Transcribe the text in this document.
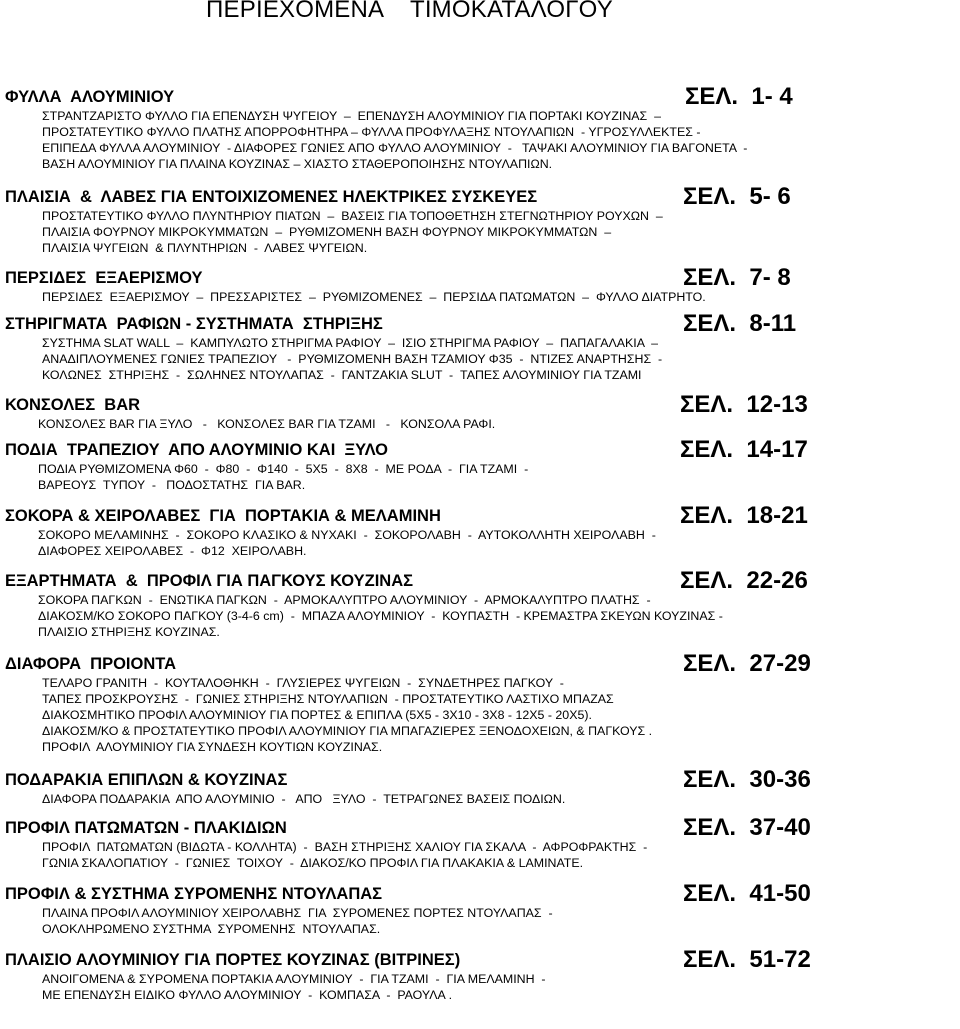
ΠΕΡΙΕΧΟΜΕΝΑ    ΤΙΜΟΚΑΤΑΛΟΓΟΥ
ΦΥΛΛΑ  ΑΛΟΥΜΙΝΙΟΥ	ΣΕΛ.  1- 4
ΣΤΡΑΝΤΖΑΡΙΣΤΟ ΦΥΛΛΟ ΓΙΑ ΕΠΕΝΔΥΣΗ ΨΥΓΕΙΟΥ  –  ΕΠΕΝΔΥΣΗ ΑΛΟΥΜΙΝΙΟΥ ΓΙΑ ΠΟΡΤΑΚΙ ΚΟΥΖΙΝΑΣ  –
ΠΡΟΣΤΑΤΕΥΤΙΚΟ ΦΥΛΛΟ ΠΛΑΤΗΣ ΑΠΟΡΡΟΦΗΤΗΡΑ – ΦΥΛΛΑ ΠΡΟΦΥΛΑΞΗΣ ΝΤΟΥΛΑΠΙΩΝ  - ΥΓΡΟΣΥΛΛΕΚΤΕΣ -
ΕΠΙΠΕΔΑ ΦΥΛΛΑ ΑΛΟΥΜΙΝΙΟΥ  - ΔΙΑΦΟΡΕΣ ΓΩΝΙΕΣ ΑΠΟ ΦΥΛΛΟ ΑΛΟΥΜΙΝΙΟΥ  -   ΤΑΨΑΚΙ ΑΛΟΥΜΙΝΙΟΥ ΓΙΑ ΒΑΓΟΝΕΤΑ  -
ΒΑΣΗ ΑΛΟΥΜΙΝΙΟΥ ΓΙΑ ΠΛΑΙΝΑ ΚΟΥΖΙΝΑΣ – ΧΙΑΣΤΟ ΣΤΑΘΕΡΟΠΟΙΗΣΗΣ ΝΤΟΥΛΑΠΙΩΝ.
ΠΛΑΙΣΙΑ  &  ΛΑΒΕΣ ΓΙΑ ΕΝΤΟΙΧΙΖΟΜΕΝΕΣ ΗΛΕΚΤΡΙΚΕΣ ΣΥΣΚΕΥΕΣ	ΣΕΛ.  5- 6
ΠΡΟΣΤΑΤΕΥΤΙΚΟ ΦΥΛΛΟ ΠΛΥΝΤΗΡΙΟΥ ΠΙΑΤΩΝ  –  ΒΑΣΕΙΣ ΓΙΑ ΤΟΠΟΘΕΤΗΣΗ ΣΤΕΓΝΩΤΗΡΙΟΥ ΡΟΥΧΩΝ  –
ΠΛΑΙΣΙΑ ΦΟΥΡΝΟΥ ΜΙΚΡΟΚΥΜΜΑΤΩΝ  –  ΡΥΘΜΙΖΟΜΕΝΗ ΒΑΣΗ ΦΟΥΡΝΟΥ ΜΙΚΡΟΚΥΜΜΑΤΩΝ  –
ΠΛΑΙΣΙΑ ΨΥΓΕΙΩΝ  & ΠΛΥΝΤΗΡΙΩΝ  -  ΛΑΒΕΣ ΨΥΓΕΙΩΝ.
ΠΕΡΣΙΔΕΣ  ΕΞΑΕΡΙΣΜΟΥ	ΣΕΛ.  7- 8
ΠΕΡΣΙΔΕΣ  ΕΞΑΕΡΙΣΜΟΥ  –  ΠΡΕΣΣΑΡΙΣΤΕΣ  –  ΡΥΘΜΙΖΟΜΕΝΕΣ  –  ΠΕΡΣΙΔΑ ΠΑΤΩΜΑΤΩΝ  –  ΦΥΛΛΟ ΔΙΑΤΡΗΤΟ.
ΣΤΗΡΙΓΜΑΤΑ  ΡΑΦΙΩΝ - ΣΥΣΤΗΜΑΤΑ  ΣΤΗΡΙΞΗΣ	ΣΕΛ.  8-11
ΣΥΣΤΗΜΑ SLAT WALL  –  ΚΑΜΠΥΛΩΤΟ ΣΤΗΡΙΓΜΑ ΡΑΦΙΟΥ  –  ΙΣΙΟ ΣΤΗΡΙΓΜΑ ΡΑΦΙΟΥ  –  ΠΑΠΑΓΑΛΑΚΙΑ  –
ΑΝΑΔΙΠΛΟΥΜΕΝΕΣ ΓΩΝΙΕΣ ΤΡΑΠΕΖΙΟΥ   -  ΡΥΘΜΙΖΟΜΕΝΗ ΒΑΣΗ ΤΖΑΜΙΟΥ Φ35  -  ΝΤΙΖΕΣ ΑΝΑΡΤΗΣΗΣ  -
ΚΟΛΩΝΕΣ  ΣΤΗΡΙΞΗΣ  -  ΣΩΛΗΝΕΣ ΝΤΟΥΛΑΠΑΣ  -  ΓΑΝΤΖΑΚΙΑ SLUT  -  ΤΑΠΕΣ ΑΛΟΥΜΙΝΙΟΥ ΓΙΑ ΤΖΑΜΙ
ΚΟΝΣΟΛΕΣ  BAR	ΣΕΛ.  12-13
ΚΟΝΣΟΛΕΣ BAR ΓΙΑ ΞΥΛΟ   -   ΚΟΝΣΟΛΕΣ BAR ΓΙΑ ΤΖΑΜΙ   -   ΚΟΝΣΟΛΑ ΡΑΦΙ.
ΠΟΔΙΑ  ΤΡΑΠΕΖΙΟΥ  ΑΠΟ ΑΛΟΥΜΙΝΙΟ ΚΑΙ  ΞΥΛΟ	ΣΕΛ.  14-17
ΠΟΔΙΑ ΡΥΘΜΙΖΟΜΕΝΑ Φ60  -  Φ80  -  Φ140  -  5Χ5  -  8Χ8  -  ΜΕ ΡΟΔΑ  -  ΓΙΑ ΤΖΑΜΙ  -
ΒΑΡΕΟΥΣ  ΤΥΠΟΥ  -   ΠΟΔΟΣΤΑΤΗΣ  ΓΙΑ BAR.
ΣΟΚΟΡΑ & ΧΕΙΡΟΛΑΒΕΣ  ΓΙΑ  ΠΟΡΤΑΚΙΑ & ΜΕΛΑΜΙΝΗ	ΣΕΛ.  18-21
ΣΟΚΟΡΟ ΜΕΛΑΜΙΝΗΣ  -  ΣΟΚΟΡΟ ΚΛΑΣΙΚΟ & ΝΥΧΑΚΙ  -  ΣΟΚΟΡΟΛΑΒΗ  -  ΑΥΤΟΚΟΛΛΗΤΗ ΧΕΙΡΟΛΑΒΗ  -
ΔΙΑΦΟΡΕΣ ΧΕΙΡΟΛΑΒΕΣ  -  Φ12  ΧΕΙΡΟΛΑΒΗ.
ΕΞΑΡΤΗΜΑΤΑ  &  ΠΡΟΦΙΛ ΓΙΑ ΠΑΓΚΟΥΣ ΚΟΥΖΙΝΑΣ	ΣΕΛ.  22-26
ΣΟΚΟΡΑ ΠΑΓΚΩΝ  -  ΕΝΩΤΙΚΑ ΠΑΓΚΩΝ  -  ΑΡΜΟΚΑΛΥΠΤΡΟ ΑΛΟΥΜΙΝΙΟΥ  -  ΑΡΜΟΚΑΛΥΠΤΡΟ ΠΛΑΤΗΣ  -
ΔΙΑΚΟΣΜ/ΚΟ ΣΟΚΟΡΟ ΠΑΓΚΟΥ (3-4-6 cm)  -  ΜΠΑΖΑ ΑΛΟΥΜΙΝΙΟΥ  -  ΚΟΥΠΑΣΤΗ  - ΚΡΕΜΑΣΤΡΑ ΣΚΕΥΩΝ ΚΟΥΖΙΝΑΣ -
ΠΛΑΙΣΙΟ ΣΤΗΡΙΞΗΣ ΚΟΥΖΙΝΑΣ.
ΔΙΑΦΟΡΑ  ΠΡΟΙΟΝΤΑ	ΣΕΛ.  27-29
ΤΕΛΑΡΟ ΓΡΑΝΙΤΗ  -  ΚΟΥΤΑΛΟΘΗΚΗ  -  ΓΛΥΣΙΕΡΕΣ ΨΥΓΕΙΩΝ  -  ΣΥΝΔΕΤΗΡΕΣ ΠΑΓΚΟΥ  -
ΤΑΠΕΣ ΠΡΟΣΚΡΟΥΣΗΣ  -  ΓΩΝΙΕΣ ΣΤΗΡΙΞΗΣ ΝΤΟΥΛΑΠΙΩΝ  - ΠΡΟΣΤΑΤΕΥΤΙΚΟ ΛΑΣΤΙΧΟ ΜΠΑΖΑΣ
ΔΙΑΚΟΣΜΗΤΙΚΟ ΠΡΟΦΙΛ ΑΛΟΥΜΙΝΙΟΥ ΓΙΑ ΠΟΡΤΕΣ & ΕΠΙΠΛΑ (5Χ5 - 3Χ10 - 3Χ8 - 12Χ5 - 20Χ5).
ΔΙΑΚΟΣΜ/ΚΟ & ΠΡΟΣΤΑΤΕΥΤΙΚΟ ΠΡΟΦΙΛ ΑΛΟΥΜΙΝΙΟΥ ΓΙΑ ΜΠΑΓΑΖΙΕΡΕΣ ΞΕΝΟΔΟΧΕΙΩΝ, & ΠΑΓΚΟΥΣ .
ΠΡΟΦΙΛ  ΑΛΟΥΜΙΝΙΟΥ ΓΙΑ ΣΥΝΔΕΣΗ ΚΟΥΤΙΩΝ ΚΟΥΖΙΝΑΣ.
ΠΟΔΑΡΑΚΙΑ ΕΠΙΠΛΩΝ & ΚΟΥΖΙΝΑΣ	ΣΕΛ.  30-36
ΔΙΑΦΟΡΑ ΠΟΔΑΡΑΚΙΑ  ΑΠΟ ΑΛΟΥΜΙΝΙΟ  -   ΑΠΟ   ΞΥΛΟ  -  ΤΕΤΡΑΓΩΝΕΣ ΒΑΣΕΙΣ ΠΟΔΙΩΝ.
ΠΡΟΦΙΛ ΠΑΤΩΜΑΤΩΝ - ΠΛΑΚΙΔΙΩΝ	ΣΕΛ.  37-40
ΠΡΟΦΙΛ  ΠΑΤΩΜΑΤΩΝ (ΒΙΔΩΤΑ - ΚΟΛΛΗΤΑ)  -  ΒΑΣΗ ΣΤΗΡΙΞΗΣ ΧΑΛΙΟΥ ΓΙΑ ΣΚΑΛΑ  -  ΑΦΡΟΦΡΑΚΤΗΣ  -
ΓΩΝΙΑ ΣΚΑΛΟΠΑΤΙΟΥ  -  ΓΩΝΙΕΣ  ΤΟΙΧΟΥ  -  ΔΙΑΚΟΣ/ΚΟ ΠΡΟΦΙΛ ΓΙΑ ΠΛΑΚΑΚΙΑ & LAMINATE.
ΠΡΟΦΙΛ & ΣΥΣΤΗΜΑ ΣΥΡΟΜΕΝΗΣ ΝΤΟΥΛΑΠΑΣ	ΣΕΛ.  41-50
ΠΛΑΙΝΑ ΠΡΟΦΙΛ ΑΛΟΥΜΙΝΙΟΥ ΧΕΙΡΟΛΑΒΗΣ  ΓΙΑ  ΣΥΡΟΜΕΝΕΣ ΠΟΡΤΕΣ ΝΤΟΥΛΑΠΑΣ  -
ΟΛΟΚΛΗΡΩΜΕΝΟ ΣΥΣΤΗΜΑ  ΣΥΡΟΜΕΝΗΣ  ΝΤΟΥΛΑΠΑΣ.
ΠΛΑΙΣΙΟ ΑΛΟΥΜΙΝΙΟΥ ΓΙΑ ΠΟΡΤΕΣ ΚΟΥΖΙΝΑΣ (ΒΙΤΡΙΝΕΣ)	ΣΕΛ.  51-72
ΑΝΟΙΓΟΜΕΝΑ & ΣΥΡΟΜΕΝΑ ΠΟΡΤΑΚΙΑ ΑΛΟΥΜΙΝΙΟΥ  -  ΓΙΑ ΤΖΑΜΙ  -  ΓΙΑ ΜΕΛΑΜΙΝΗ  -
ΜΕ ΕΠΕΝΔΥΣΗ ΕΙΔΙΚΟ ΦΥΛΛΟ ΑΛΟΥΜΙΝΙΟΥ  -  ΚΟΜΠΑΣΑ  -  ΡΑΟΥΛΑ .
